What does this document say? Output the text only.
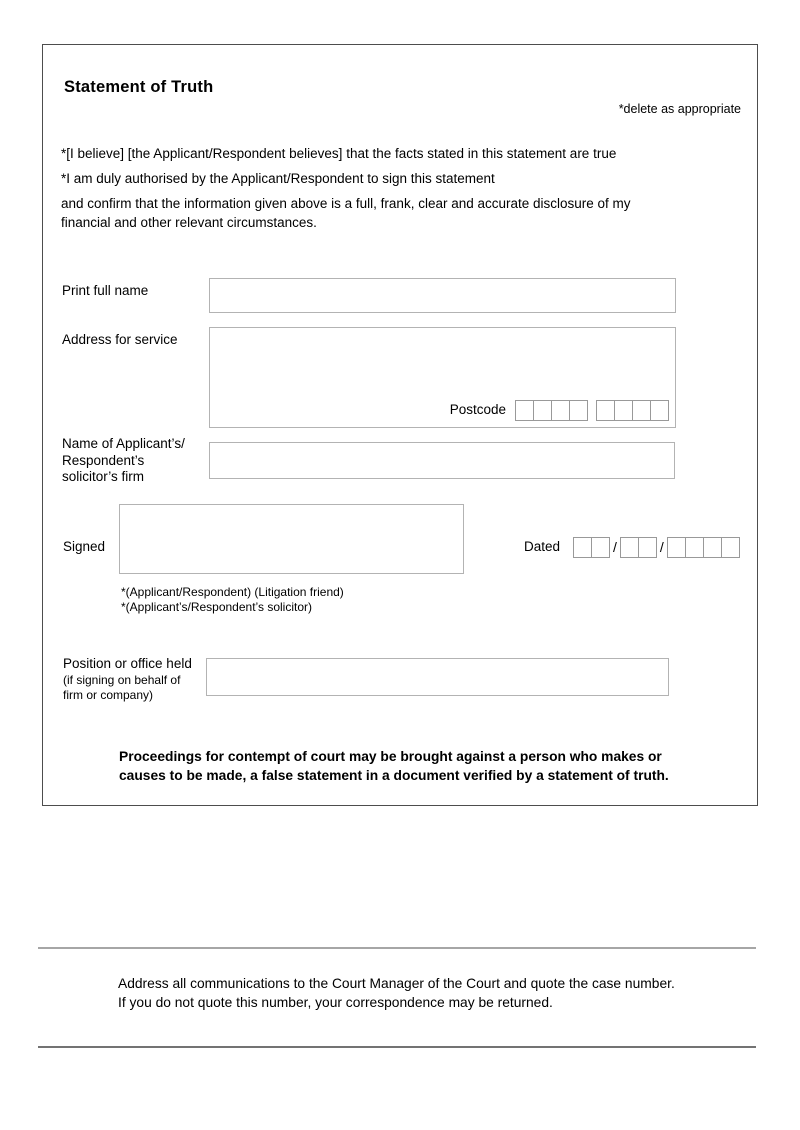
Statement of Truth
*delete as appropriate
*[I believe] [the Applicant/Respondent believes] that the facts stated in this statement are true
*I am duly authorised by the Applicant/Respondent to sign this statement
and confirm that the information given above is a full, frank, clear and accurate disclosure of my
financial and other relevant circumstances.
Print full name
Address for service
Postcode
Name of Applicant’s/
Respondent’s
solicitor’s firm
Signed	Dated	/	/
*(Applicant/Respondent) (Litigation friend)
*(Applicant’s/Respondent’s solicitor)
Position or office held
(if signing on behalf of
firm or company)
Proceedings for contempt of court may be brought against a person who makes or
causes to be made, a false statement in a document verified by a statement of truth.
Address all communications to the Court Manager of the Court and quote the case number.
If you do not quote this number, your correspondence may be returned.
